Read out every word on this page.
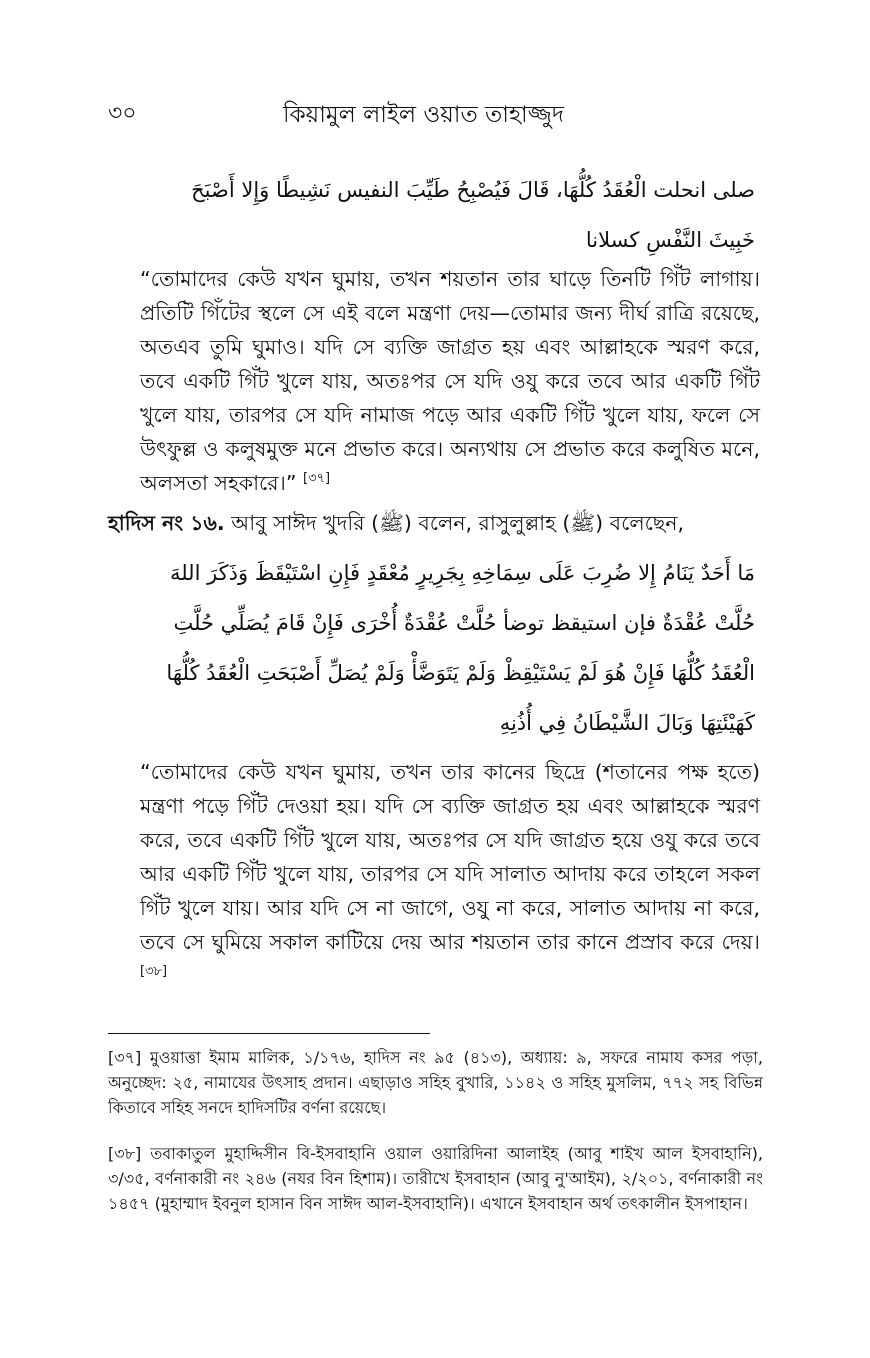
৩০	কিয়ামুল লাইল ওয়াত তাহাজ্জুদ
صلى انحلت الْعُقَدُ كُلُّهَا، قَالَ فَيُصْبِحُ طَيِّبَ النفيس نَشِيطًا وَإِلا أَصْبَحَ خَبِيثَ النَّفْسِ كسلانا
“তোমাদের কেউ যখন ঘুমায়, তখন শয়তান তার ঘাড়ে তিনটি গিঁট লাগায়। প্রতিটি গিঁটের স্থলে সে এই বলে মন্ত্রণা দেয়—তোমার জন্য দীর্ঘ রাত্রি রয়েছে, অতএব তুমি ঘুমাও। যদি সে ব্যক্তি জাগ্রত হয় এবং আল্লাহকে স্মরণ করে, তবে একটি গিঁট খুলে যায়, অতঃপর সে যদি ওযু করে তবে আর একটি গিঁট খুলে যায়, তারপর সে যদি নামাজ পড়ে আর একটি গিঁট খুলে যায়, ফলে সে উৎফুল্ল ও কলুষমুক্ত মনে প্রভাত করে। অন্যথায় সে প্রভাত করে কলুষিত মনে, অলসতা সহকারে।” [৩৭]
হাদিস নং ১৬. আবু সাঈদ খুদরি (ﷺ) বলেন, রাসুলুল্লাহ (ﷺ) বলেছেন,
مَا أَحَدٌ يَنَامُ إِلا ضُرِبَ عَلَى سِمَاخِهِ بِجَرِيرٍ مُعْقَدٍ فَإِنِ اسْتَيْقَظَ وَذَكَرَ اللهَ حُلَّتْ عُقْدَةٌ فإن استيقظ توضأ حُلَّتْ عُقْدَةٌ أُخْرَى فَإِنْ قَامَ يُصَلِّي حُلَّتِ الْعُقَدُ كُلُّهَا فَإِنْ هُوَ لَمْ يَسْتَيْقِظْ وَلَمْ يَتَوَضَّأْ وَلَمْ يُصَلِّ أَصْبَحَتِ الْعُقَدُ كُلُّهَا كَهَيْئَتِهَا وَبَالَ الشَّيْطَانُ فِي أُذُنِهِ
“তোমাদের কেউ যখন ঘুমায়, তখন তার কানের ছিদ্রে (শতানের পক্ষ হতে) মন্ত্রণা পড়ে গিঁট দেওয়া হয়। যদি সে ব্যক্তি জাগ্রত হয় এবং আল্লাহকে স্মরণ করে, তবে একটি গিঁট খুলে যায়, অতঃপর সে যদি জাগ্রত হয়ে ওযু করে তবে আর একটি গিঁট খুলে যায়, তারপর সে যদি সালাত আদায় করে তাহলে সকল গিঁট খুলে যায়। আর যদি সে না জাগে, ওযু না করে, সালাত আদায় না করে, তবে সে ঘুমিয়ে সকাল কাটিয়ে দেয় আর শয়তান তার কানে প্রস্রাব করে দেয়।[৩৮]
[৩৭] মুওয়াত্তা ইমাম মালিক, ১/১৭৬, হাদিস নং ৯৫ (৪১৩), অধ্যায়: ৯, সফরে নামায কসর পড়া, অনুচ্ছেদ: ২৫, নামাযের উৎসাহ প্রদান। এছাড়াও সহিহ বুখারি, ১১৪২ ও সহিহ মুসলিম, ৭৭২ সহ বিভিন্ন কিতাবে সহিহ সনদে হাদিসটির বর্ণনা রয়েছে।
[৩৮] তবাকাতুল মুহাদ্দিসীন বি-ইসবাহানি ওয়াল ওয়ারিদিনা আলাইহ (আবু শাইখ আল ইসবাহানি), ৩/৩৫, বর্ণনাকারী নং ২৪৬ (নযর বিন হিশাম)। তারীখে ইসবাহান (আবু নু'আইম), ২/২০১, বর্ণনাকারী নং ১৪৫৭ (মুহাম্মাদ ইবনুল হাসান বিন সাঈদ আল-ইসবাহানি)। এখানে ইসবাহান অর্থ তৎকালীন ইসপাহান।
